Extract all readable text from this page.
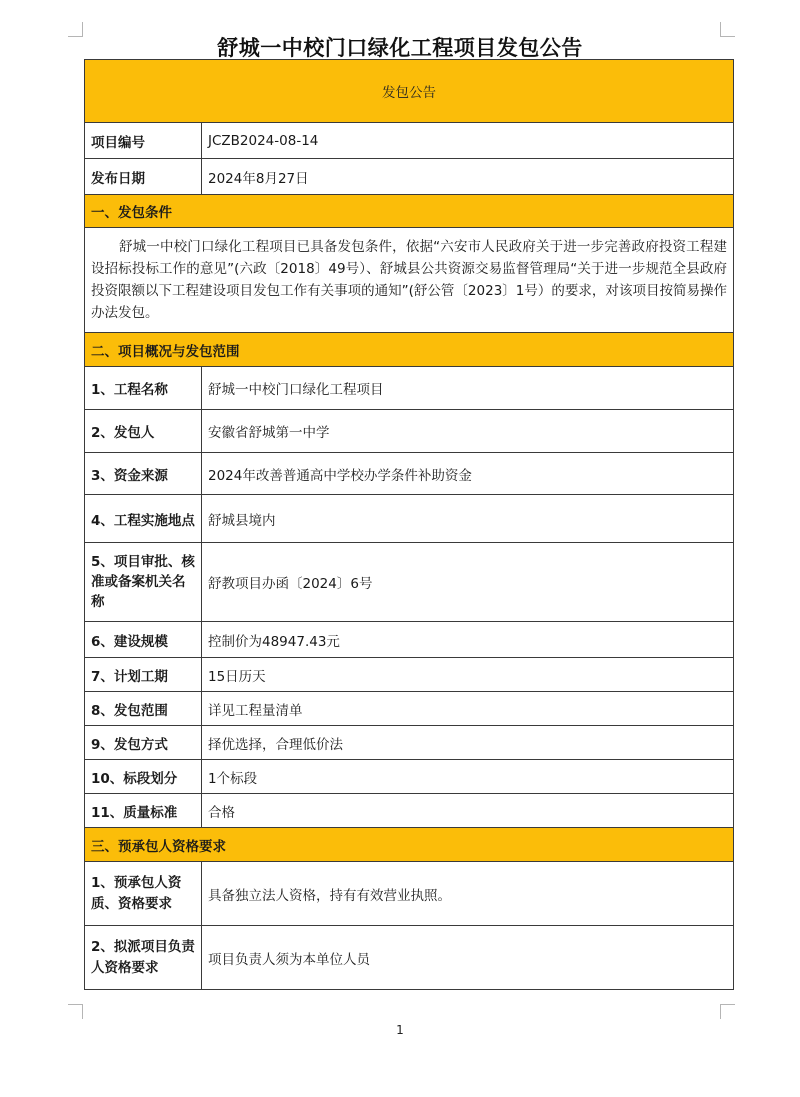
舒城一中校门口绿化工程项目发包公告
发包公告	
项目编号	JCZB2024-08-14
发布日期	2024年8月27日
一、发包条件	
舒城一中校门口绿化工程项目已具备发包条件，依据“六安市人民政府关于进一步完善政府投资工程建设招标投标工作的意见”(六政〔2018〕49号）、舒城县公共资源交易监督管理局“关于进一步规范全县政府投资限额以下工程建设项目发包工作有关事项的通知”(舒公管〔2023〕1号）的要求，对该项目按简易操作办法发包。	
二、项目概况与发包范围	
1、工程名称	舒城一中校门口绿化工程项目
2、发包人	安徽省舒城第一中学
3、资金来源	2024年改善普通高中学校办学条件补助资金
4、工程实施地点	舒城县境内
5、项目审批、核准或备案机关名称	舒教项目办函〔2024〕6号
6、建设规模	控制价为48947.43元
7、计划工期	15日历天
8、发包范围	详见工程量清单
9、发包方式	择优选择，合理低价法
10、标段划分	1个标段
11、质量标准	合格
三、预承包人资格要求	
1、预承包人资质、资格要求	具备独立法人资格，持有有效营业执照。
2、拟派项目负责人资格要求	项目负责人须为本单位人员
1
